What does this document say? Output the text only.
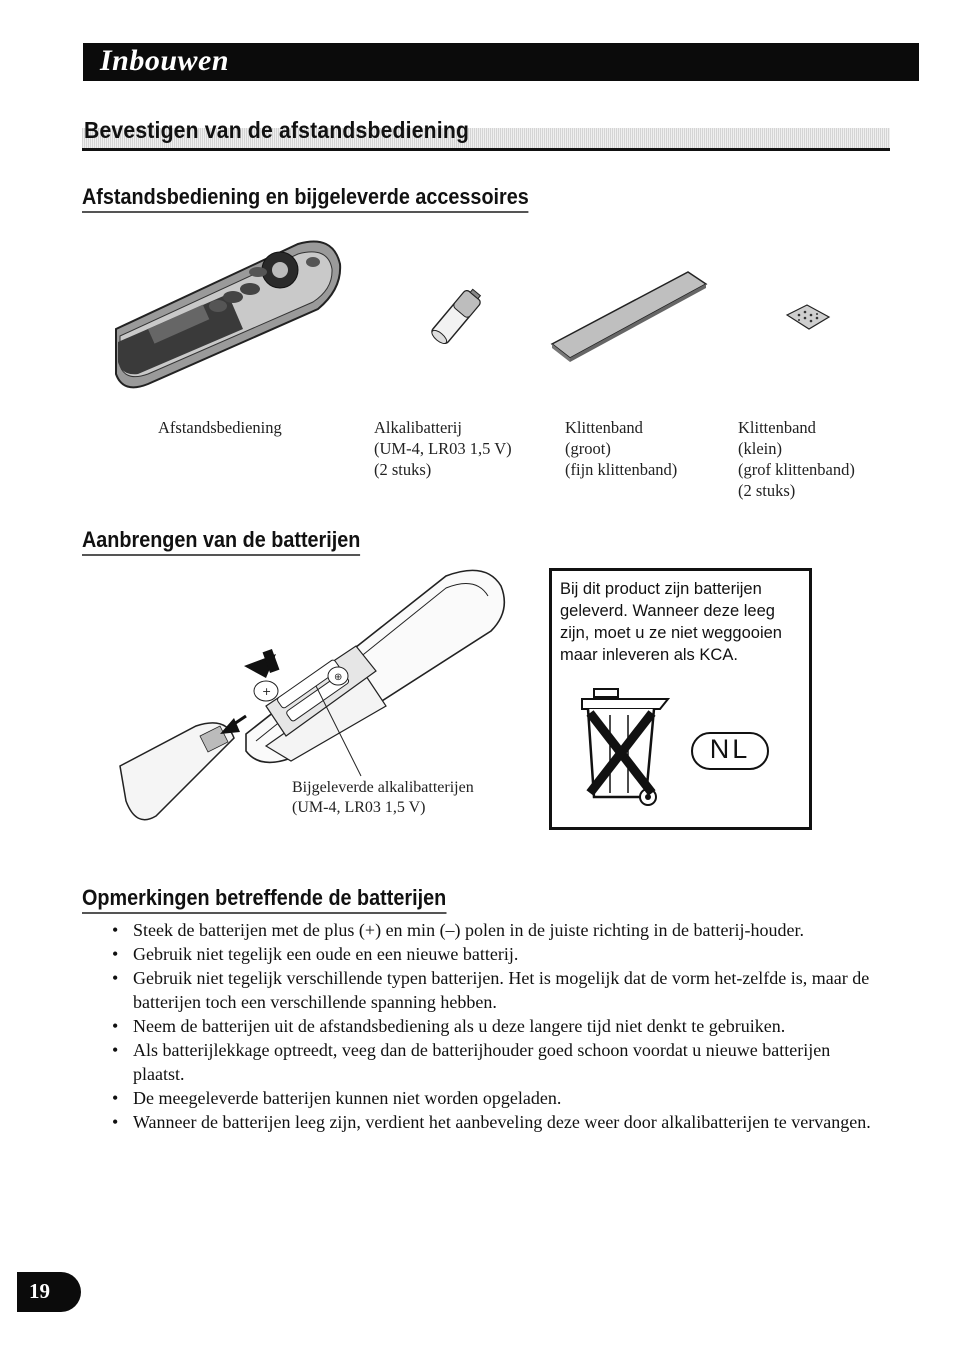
Inbouwen
Bevestigen van de afstandsbediening
Afstandsbediening en bijgeleverde accessoires
Afstandsbediening	Alkalibatterij
(UM-4, LR03 1,5 V)
(2 stuks)
Klittenband
(groot)
(fijn klittenband)
Klittenband
(klein)
(grof klittenband)
(2 stuks)
Aanbrengen van de batterijen
+
⊕
Bijgeleverde alkalibatterijen
(UM-4, LR03 1,5 V)
Bij dit product zijn batterijen geleverd. Wanneer deze leeg zijn, moet u ze niet weggooien maar inleveren als KCA.
NL
Opmerkingen betreffende de batterijen
• Steek de batterijen met de plus (+) en min (–) polen in de juiste richting in de batterij-houder.
• Gebruik niet tegelijk een oude en een nieuwe batterij.
• Gebruik niet tegelijk verschillende typen batterijen. Het is mogelijk dat de vorm het-zelfde is, maar de batterijen toch een verschillende spanning hebben.
• Neem de batterijen uit de afstandsbediening als u deze langere tijd niet denkt te gebruiken.
• Als batterijlekkage optreedt, veeg dan de batterijhouder goed schoon voordat u nieuwe batterijen plaatst.
• De meegeleverde batterijen kunnen niet worden opgeladen.
• Wanneer de batterijen leeg zijn, verdient het aanbeveling deze weer door alkalibatterijen te vervangen.
19
